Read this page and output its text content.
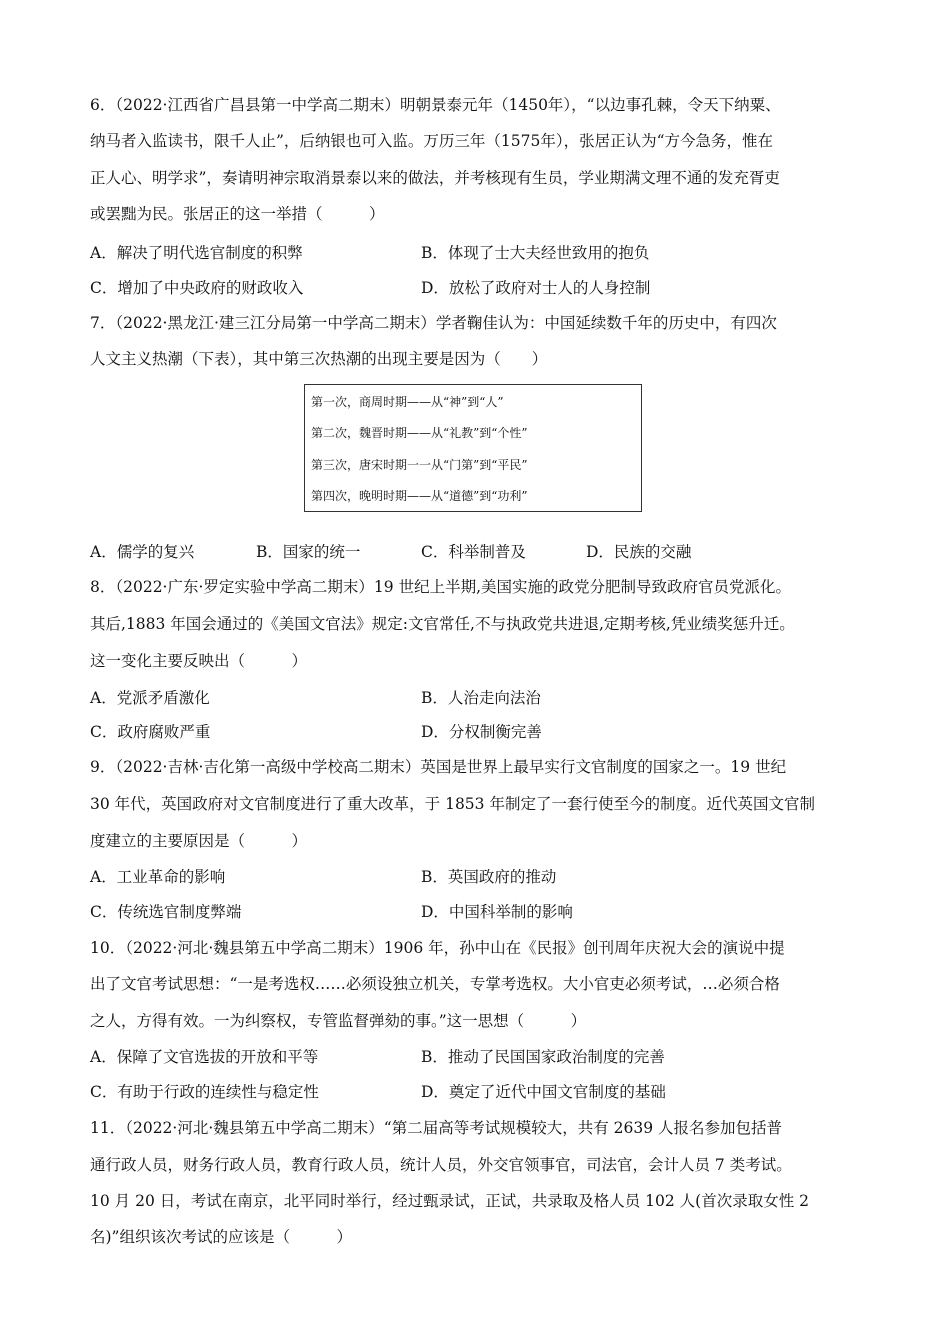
6．（2022·江西省广昌县第一中学高二期末）明朝景泰元年（1450年），“以边事孔棘，令天下纳粟、
纳马者入监读书，限千人止”，后纳银也可入监。万历三年（1575年），张居正认为“方今急务，惟在
正人心、明学求”，奏请明神宗取消景泰以来的做法，并考核现有生员，学业期满文理不通的发充胥吏
或罢黜为民。张居正的这一举措（　　　）
A．解决了明代选官制度的积弊	B．体现了士大夫经世致用的抱负
C．增加了中央政府的财政收入	D．放松了政府对士人的人身控制
7．（2022·黑龙江·建三江分局第一中学高二期末）学者鞠佳认为：中国延续数千年的历史中，有四次
人文主义热潮（下表），其中第三次热潮的出现主要是因为（　　）
第一次，商周时期——从“神”到“人”
第二次，魏晋时期——从“礼教”到“个性”
第三次，唐宋时期一一从“门第”到“平民”
第四次，晚明时期——从“道德”到“功利”
A．儒学的复兴	B．国家的统一	C．科举制普及	D．民族的交融
8．（2022·广东·罗定实验中学高二期末）19 世纪上半期,美国实施的政党分肥制导致政府官员党派化。
其后,1883 年国会通过的《美国文官法》规定:文官常任,不与执政党共进退,定期考核,凭业绩奖惩升迁。
这一变化主要反映出（　　　）
A．党派矛盾激化	B．人治走向法治
C．政府腐败严重	D．分权制衡完善
9．（2022·吉林·吉化第一高级中学校高二期末）英国是世界上最早实行文官制度的国家之一。19 世纪
30 年代，英国政府对文官制度进行了重大改革，于 1853 年制定了一套行使至今的制度。近代英国文官制
度建立的主要原因是（　　　）
A．工业革命的影响	B．英国政府的推动
C．传统选官制度弊端	D．中国科举制的影响
10．（2022·河北·魏县第五中学高二期末）1906 年，孙中山在《民报》创刊周年庆祝大会的演说中提
出了文官考试思想：“一是考选权……必须设独立机关，专掌考选权。大小官吏必须考试，…必须合格
之人，方得有效。一为纠察权，专管监督弹劾的事。”这一思想（　　　）
A．保障了文官选拔的开放和平等	B．推动了民国国家政治制度的完善
C．有助于行政的连续性与稳定性	D．奠定了近代中国文官制度的基础
11．（2022·河北·魏县第五中学高二期末）“第二届高等考试规模较大，共有 2639 人报名参加包括普
通行政人员，财务行政人员，教育行政人员，统计人员，外交官领事官，司法官，会计人员 7 类考试。
10 月 20 日，考试在南京，北平同时举行，经过甄录试，正试，共录取及格人员 102 人(首次录取女性 2
名)”组织该次考试的应该是（　　　）
